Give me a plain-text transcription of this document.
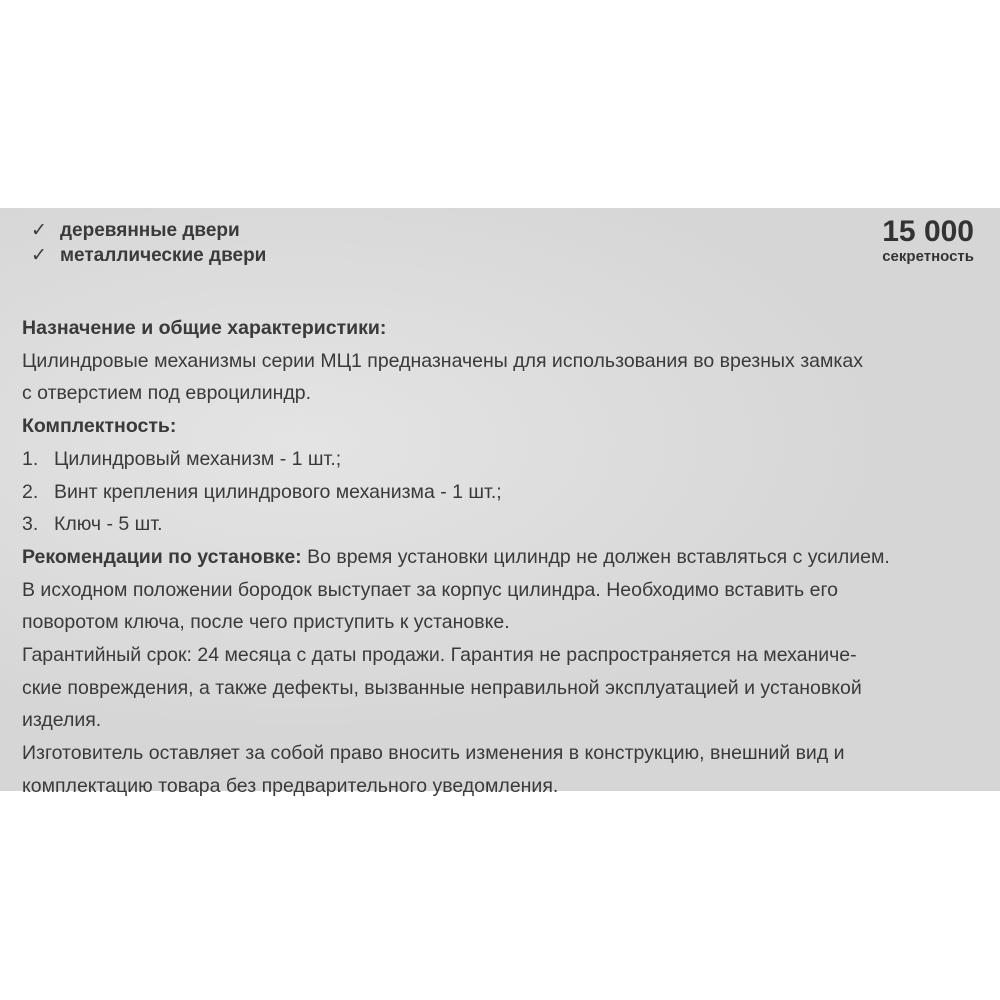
✓ деревянные двери
✓ металлические двери
15 000
секретность
Назначение и общие характеристики:
Цилиндровые механизмы серии МЦ1 предназначены для использования во врезных замках
с отверстием под евроцилиндр.
Комплектность:
1. Цилиндровый механизм - 1 шт.;
2. Винт крепления цилиндрового механизма - 1 шт.;
3. Ключ - 5 шт.
Рекомендации по установке: Во время установки цилиндр не должен вставляться с усилием.
В исходном положении бородок выступает за корпус цилиндра. Необходимо вставить его
поворотом ключа, после чего приступить к установке.
Гарантийный срок: 24 месяца с даты продажи. Гарантия не распространяется на механиче-
ские повреждения, а также дефекты, вызванные неправильной эксплуатацией и установкой
изделия.
Изготовитель оставляет за собой право вносить изменения в конструкцию, внешний вид и
комплектацию товара без предварительного уведомления.
